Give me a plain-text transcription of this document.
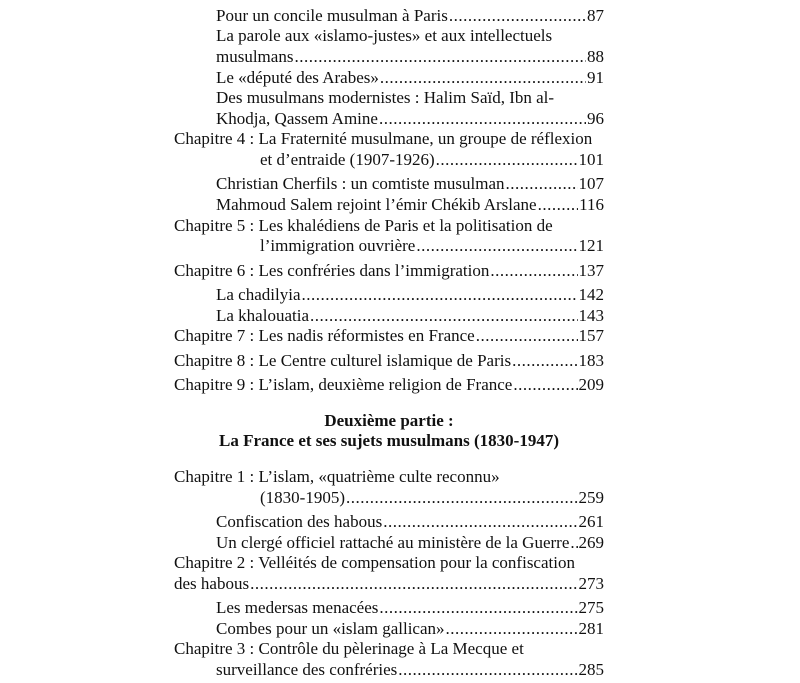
Pour un concile musulman à Paris .....	87
La parole aux «islamo-justes» et aux intellectuels
musulmans .....	88
Le «député des Arabes» .....	91
Des musulmans modernistes : Halim Saïd, Ibn al-
Khodja, Qassem Amine .....	96
Chapitre 4 : La Fraternité musulmane, un groupe de réflexion
et d’entraide (1907-1926) .....	101
Christian Cherfils : un comtiste musulman .....	107
Mahmoud Salem rejoint l’émir Chékib Arslane .....	116
Chapitre 5 : Les khalédiens de Paris et la politisation de
l’immigration ouvrière .....	121
Chapitre 6 : Les confréries dans l’immigration .....	137
La chadilyia .....	142
La khalouatia .....	143
Chapitre 7 : Les nadis réformistes en France .....	157
Chapitre 8 : Le Centre culturel islamique de Paris .....	183
Chapitre 9 : L’islam, deuxième religion de France .....	209
Deuxième partie :
La France et ses sujets musulmans (1830-1947)
Chapitre 1 : L’islam, «quatrième culte reconnu»
(1830-1905) .....	259
Confiscation des habous .....	261
Un clergé officiel rattaché au ministère de la Guerre ..... 269
Chapitre 2 : Velléités de compensation pour la confiscation
des habous .....	273
Les medersas menacées .....	275
Combes pour un «islam gallican» .....	281
Chapitre 3 : Contrôle du pèlerinage à La Mecque et
surveillance des confréries .....	285
